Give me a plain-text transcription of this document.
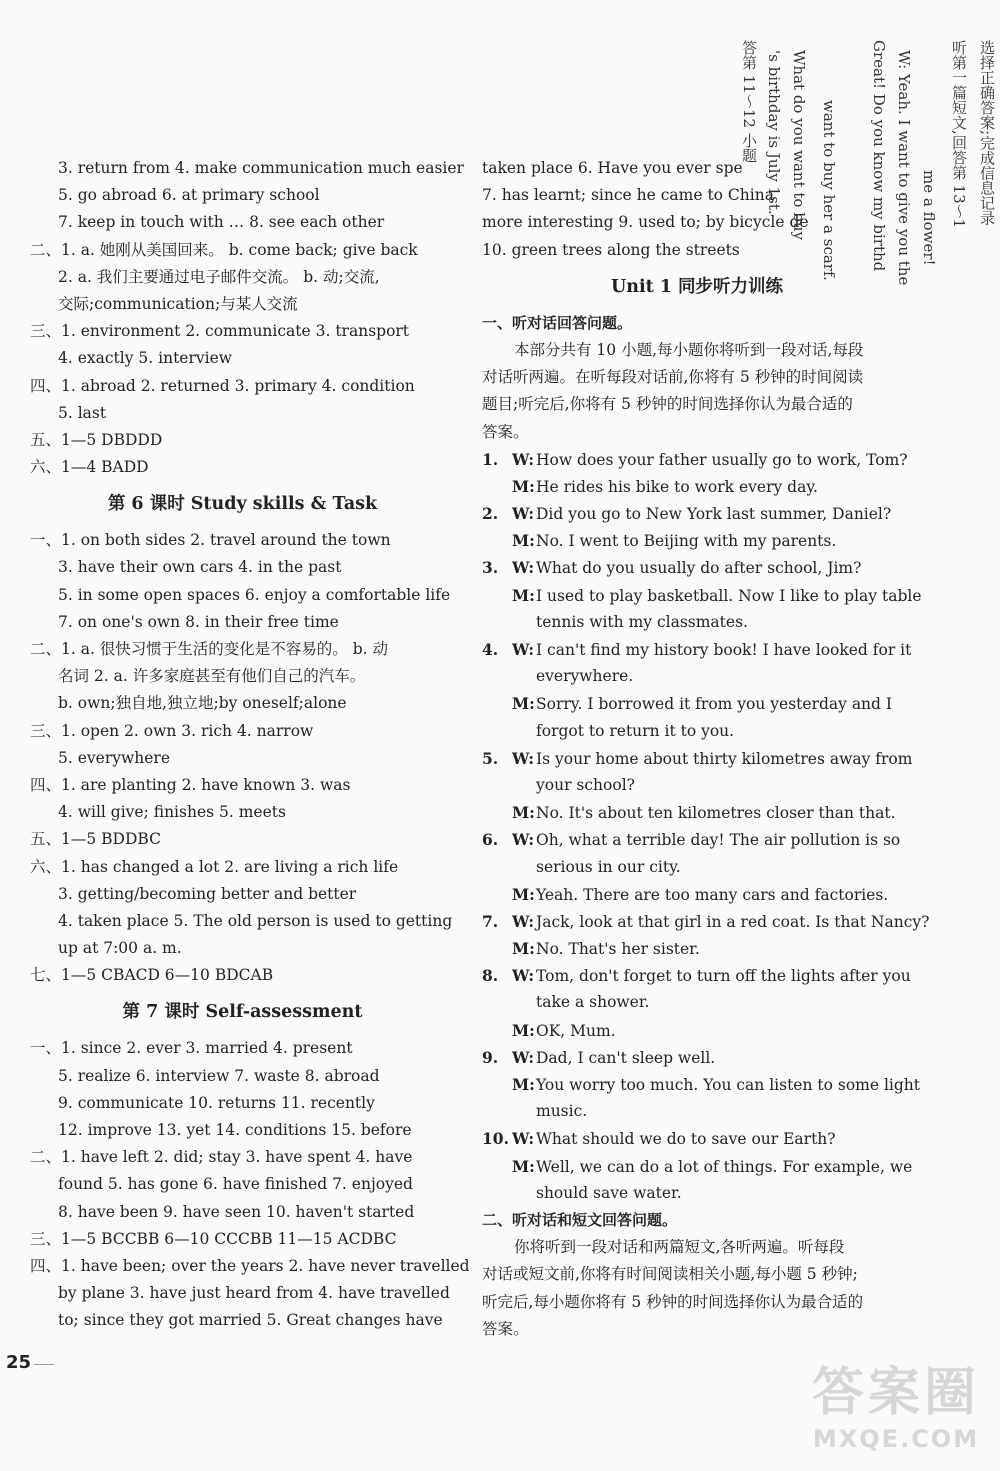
3. return from 4. make communication much easier
5. go abroad 6. at primary school
7. keep in touch with … 8. see each other
二、1. a. 她刚从美国回来。 b. come back; give back
2. a. 我们主要通过电子邮件交流。 b. 动;交流,
交际;communication;与某人交流
三、1. environment 2. communicate 3. transport
4. exactly 5. interview
四、1. abroad 2. returned 3. primary 4. condition
5. last
五、1—5 DBDDD
六、1—4 BADD
第 6 课时 Study skills & Task
一、1. on both sides 2. travel around the town
3. have their own cars 4. in the past
5. in some open spaces 6. enjoy a comfortable life
7. on one's own 8. in their free time
二、1. a. 很快习惯于生活的变化是不容易的。 b. 动
名词 2. a. 许多家庭甚至有他们自己的汽车。
b. own;独自地,独立地;by oneself;alone
三、1. open 2. own 3. rich 4. narrow
5. everywhere
四、1. are planting 2. have known 3. was
4. will give; finishes 5. meets
五、1—5 BDDBC
六、1. has changed a lot 2. are living a rich life
3. getting/becoming better and better
4. taken place 5. The old person is used to getting
up at 7:00 a. m.
七、1—5 CBACD 6—10 BDCAB
第 7 课时 Self-assessment
一、1. since 2. ever 3. married 4. present
5. realize 6. interview 7. waste 8. abroad
9. communicate 10. returns 11. recently
12. improve 13. yet 14. conditions 15. before
二、1. have left 2. did; stay 3. have spent 4. have
found 5. has gone 6. have finished 7. enjoyed
8. have been 9. have seen 10. haven't started
三、1—5 BCCBB 6—10 CCCBB 11—15 ACDBC
四、1. have been; over the years 2. have never travelled
by plane 3. have just heard from 4. have travelled
to; since they got married 5. Great changes have
taken place 6. Have you ever spe
7. has learnt; since he came to China
more interesting 9. used to; by bicycle de
10. green trees along the streets
Unit 1 同步听力训练
一、听对话回答问题。
本部分共有 10 小题,每小题你将听到一段对话,每段
对话听两遍。在听每段对话前,你将有 5 秒钟的时间阅读
题目;听完后,你将有 5 秒钟的时间选择你认为最合适的
答案。
1. W: How does your father usually go to work, Tom?
M:He rides his bike to work every day.
2. W: Did you go to New York last summer, Daniel?
M:No. I went to Beijing with my parents.
3. W: What do you usually do after school, Jim?
M:I used to play basketball. Now I like to play table
tennis with my classmates.
4. W: I can't find my history book! I have looked for it
everywhere.
M:Sorry. I borrowed it from you yesterday and I
forgot to return it to you.
5. W: Is your home about thirty kilometres away from
your school?
M:No. It's about ten kilometres closer than that.
6. W: Oh, what a terrible day! The air pollution is so
serious in our city.
M:Yeah. There are too many cars and factories.
7. W: Jack, look at that girl in a red coat. Is that Nancy?
M:No. That's her sister.
8. W: Tom, don't forget to turn off the lights after you
take a shower.
M:OK, Mum.
9. W: Dad, I can't sleep well.
M:You worry too much. You can listen to some light
music.
10. W: What should we do to save our Earth?
M:Well, we can do a lot of things. For example, we
should save water.
二、听对话和短文回答问题。
你将听到一段对话和两篇短文,各听两遍。听每段
对话或短文前,你将有时间阅读相关小题,每小题 5 秒钟;
听完后,每小题你将有 5 秒钟的时间选择你认为最合适的
答案。
答第 11～12 小题 's birthday is July 1st. What do you want to buy want to buy her a scarf. Great! Do you know my birthd W: Yeah. I want to give you the me a flower! 听第一篇短文,回答第 13～1 选择正确答案;完成信息记录
25
答案圈
MXQE.COM
